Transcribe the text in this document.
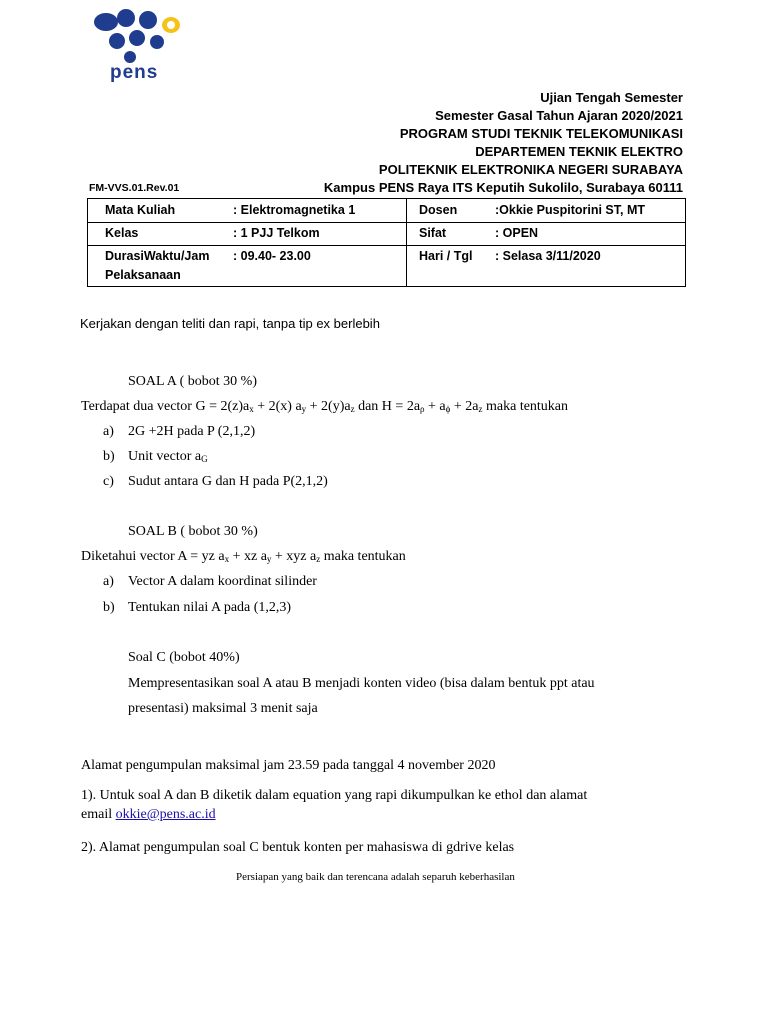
pens
Ujian Tengah Semester
Semester Gasal Tahun Ajaran 2020/2021
PROGRAM STUDI TEKNIK TELEKOMUNIKASI
DEPARTEMEN TEKNIK ELEKTRO
POLITEKNIK ELEKTRONIKA NEGERI SURABAYA
Kampus PENS Raya ITS Keputih Sukolilo, Surabaya 60111
FM-VVS.01.Rev.01
Mata Kuliah : Elektromagnetika 1	Dosen :Okkie Puspitorini ST, MT

Kelas : 1 PJJ Telkom	Sifat : OPEN

DurasiWaktu/Jam
Pelaksanaan
: 09.40- 23.00	Hari / Tgl : Selasa 3/11/2020
Kerjakan dengan teliti dan rapi, tanpa tip ex berlebih
SOAL A ( bobot 30 %)
Terdapat dua vector $G = 2(z)a_x + 2(x) a_y + 2(y)a_z$ dan $H = 2a_\rho + a_\phi + 2a_z$ maka tentukan
a) 2G +2H pada P (2,1,2)
b) Unit vector $a_G$
c) Sudut antara G dan H pada P(2,1,2)
SOAL B ( bobot 30 %)
Diketahui vector A = yz $a_x$ + xz $a_y$ + xyz $a_z$ maka tentukan
a) Vector A dalam koordinat silinder
b) Tentukan nilai A pada (1,2,3)
Soal C (bobot 40%)
Mempresentasikan soal A atau B menjadi konten video (bisa dalam bentuk ppt atau
presentasi) maksimal 3 menit saja
Alamat pengumpulan maksimal jam 23.59 pada tanggal 4 november 2020
1). Untuk soal A dan B diketik dalam equation yang rapi dikumpulkan ke ethol dan alamat
email okkie@pens.ac.id
2). Alamat pengumpulan soal C bentuk konten per mahasiswa di gdrive kelas
Persiapan yang baik dan terencana adalah separuh keberhasilan
